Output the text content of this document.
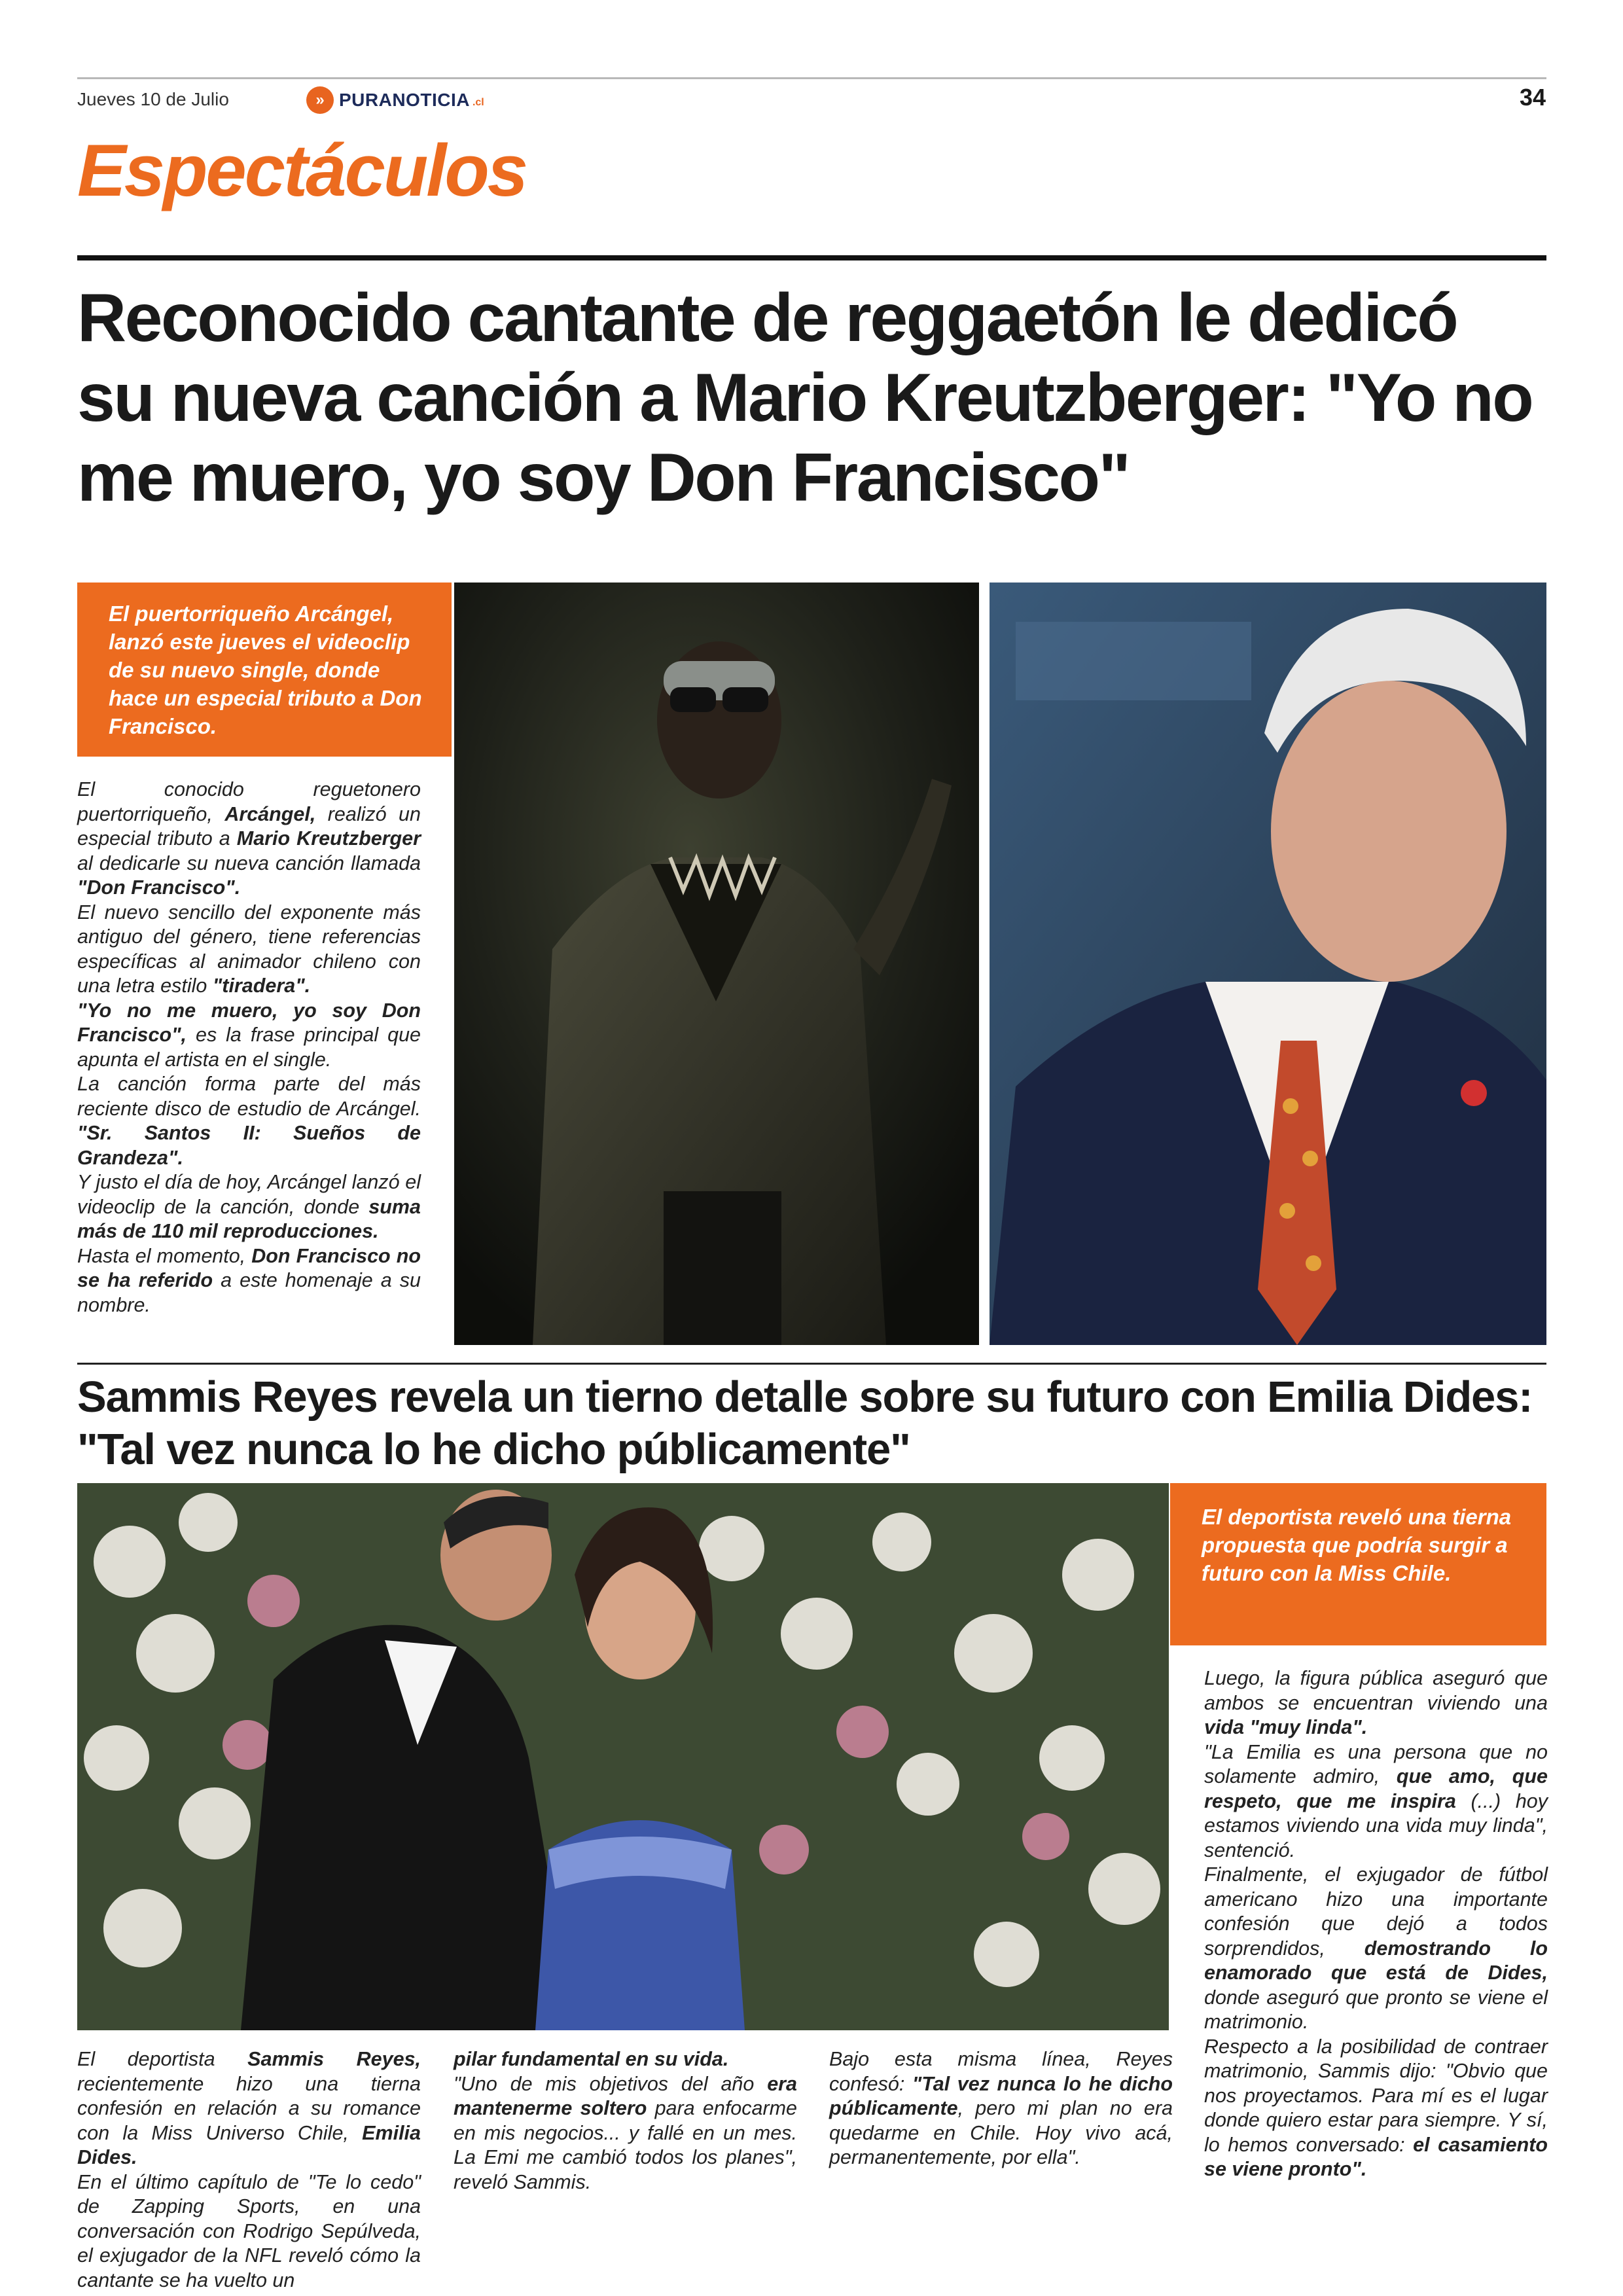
Jueves 10 de Julio	» PURANOTICIA .cl	34
Espectáculos
Reconocido cantante de reggaetón le dedicó su nueva canción a Mario Kreutzberger: "Yo no me muero, yo soy Don Francisco"
El puertorriqueño Arcángel, lanzó este jueves el videoclip de su nuevo single, donde hace un especial tributo a Don Francisco.

El conocido reguetonero puertorriqueño, Arcángel, realizó un especial tributo a Mario Kreutzberger al dedicarle su nueva canción llamada "Don Francisco".

El nuevo sencillo del exponente más antiguo del género, tiene referencias específicas al animador chileno con una letra estilo "tiradera".

"Yo no me muero, yo soy Don Francisco", es la frase principal que apunta el artista en el single.

La canción forma parte del más reciente disco de estudio de Arcángel. "Sr. Santos II: Sueños de Grandeza".

Y justo el día de hoy, Arcángel lanzó el videoclip de la canción, donde suma más de 110 mil reproducciones.

Hasta el momento, Don Francisco no se ha referido a este homenaje a su nombre.

Sammis Reyes revela un tierno detalle sobre su futuro con Emilia Dides: "Tal vez nunca lo he dicho públicamente"
El deportista reveló una tierna propuesta que podría surgir a futuro con la Miss Chile.

El deportista Sammis Reyes, recientemente hizo una tierna confesión en relación a su romance con la Miss Universo Chile, Emilia Dides.

En el último capítulo de "Te lo cedo" de Zapping Sports, en una conversación con Rodrigo Sepúlveda, el exjugador de la NFL reveló cómo la cantante se ha vuelto un

pilar fundamental en su vida.

"Uno de mis objetivos del año era mantenerme soltero para enfocarme en mis negocios... y fallé en un mes. La Emi me cambió todos los planes", reveló Sammis.

Bajo esta misma línea, Reyes confesó: "Tal vez nunca lo he dicho públicamente, pero mi plan no era quedarme en Chile. Hoy vivo acá, permanentemente, por ella".

Luego, la figura pública aseguró que ambos se encuentran viviendo una vida "muy linda".

"La Emilia es una persona que no solamente admiro, que amo, que respeto, que me inspira (...) hoy estamos viviendo una vida muy linda", sentenció.

Finalmente, el exjugador de fútbol americano hizo una importante confesión que dejó a todos sorprendidos, demostrando lo enamorado que está de Dides, donde aseguró que pronto se viene el matrimonio.

Respecto a la posibilidad de contraer matrimonio, Sammis dijo: "Obvio que nos proyectamos. Para mí es el lugar donde quiero estar para siempre. Y sí, lo hemos conversado: el casamiento se viene pronto".
